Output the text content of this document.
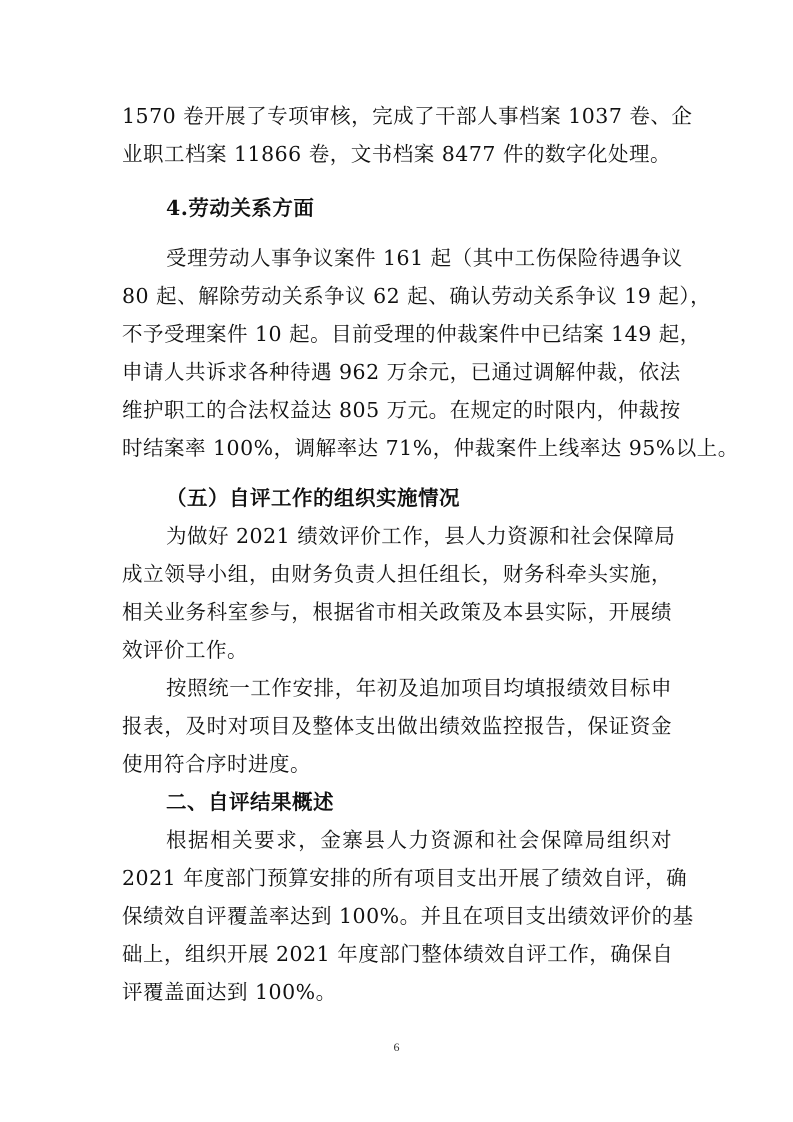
1570 卷开展了专项审核，完成了干部人事档案 1037 卷、企
业职工档案 11866 卷，文书档案 8477 件的数字化处理。
4.劳动关系方面
受理劳动人事争议案件 161 起（其中工伤保险待遇争议
80 起、解除劳动关系争议 62 起、确认劳动关系争议 19 起），
不予受理案件 10 起。目前受理的仲裁案件中已结案 149 起，
申请人共诉求各种待遇 962 万余元，已通过调解仲裁，依法
维护职工的合法权益达 805 万元。在规定的时限内，仲裁按
时结案率 100%，调解率达 71%，仲裁案件上线率达 95%以上。
（五）自评工作的组织实施情况
为做好 2021 绩效评价工作，县人力资源和社会保障局
成立领导小组，由财务负责人担任组长，财务科牵头实施，
相关业务科室参与，根据省市相关政策及本县实际，开展绩
效评价工作。
按照统一工作安排，年初及追加项目均填报绩效目标申
报表，及时对项目及整体支出做出绩效监控报告，保证资金
使用符合序时进度。
二、自评结果概述
根据相关要求，金寨县人力资源和社会保障局组织对
2021 年度部门预算安排的所有项目支出开展了绩效自评，确
保绩效自评覆盖率达到 100%。并且在项目支出绩效评价的基
础上，组织开展 2021 年度部门整体绩效自评工作，确保自
评覆盖面达到 100%。
6
